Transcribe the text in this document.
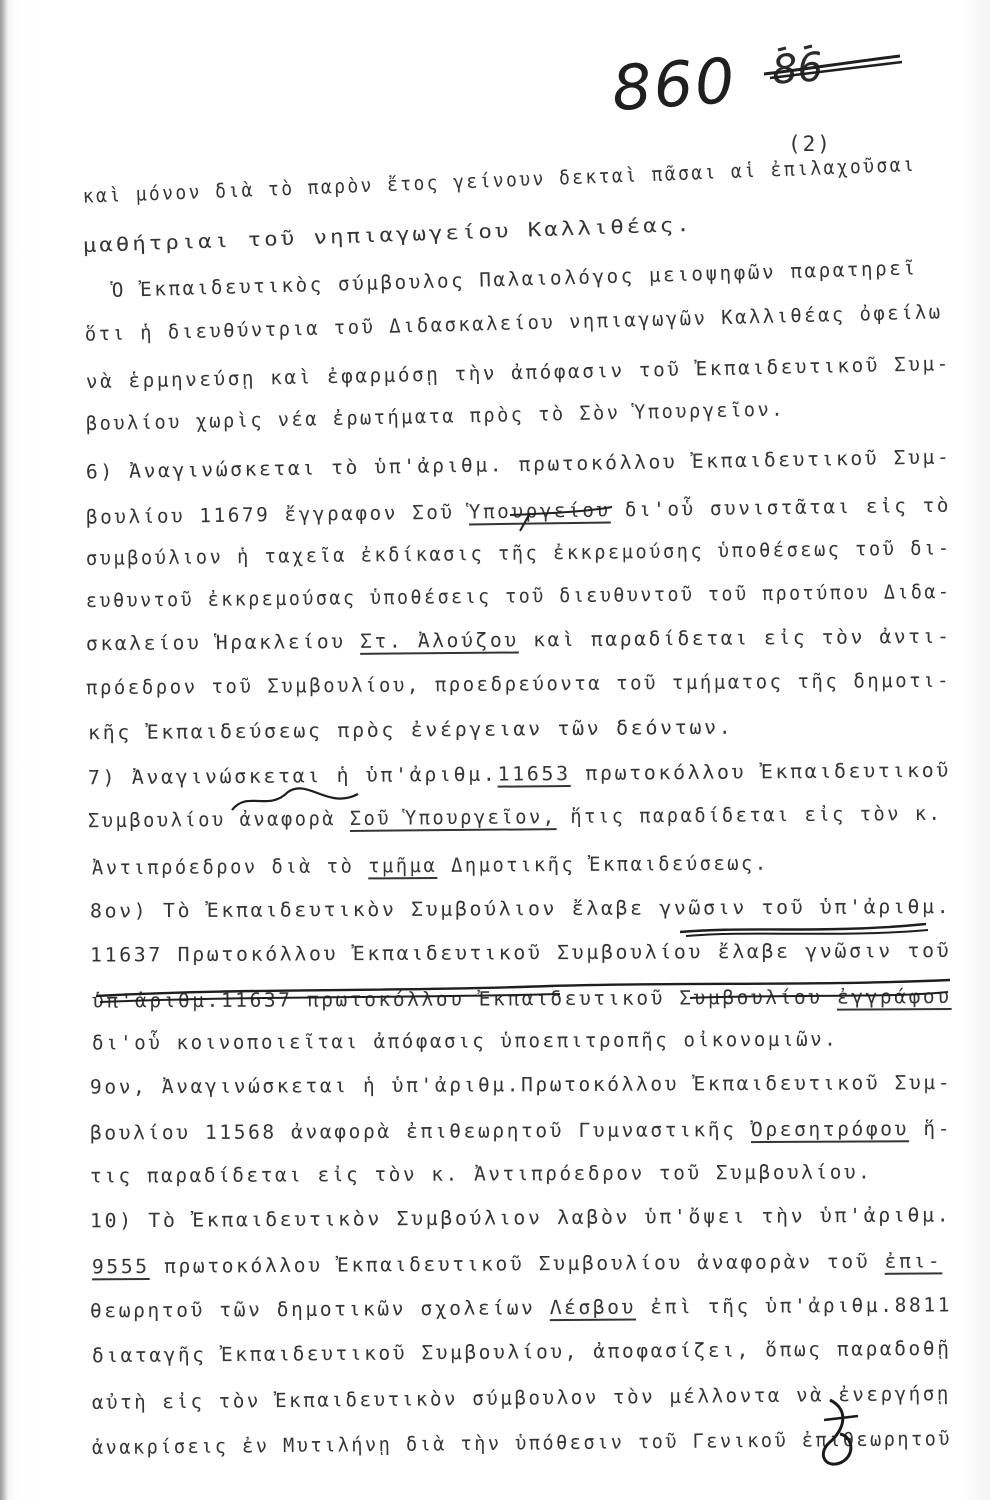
860 86
(2)
καὶ μόνον διὰ τὸ παρὸν ἔτος γείνουν δεκταὶ πᾶσαι αἱ ἐπιλαχοῦσαι
μαθήτριαι τοῦ νηπιαγωγείου Καλλιθέας.
Ὁ Ἐκπαιδευτικὸς σύμβουλος Παλαιολόγος μειοψηφῶν παρατηρεῖ
ὅτι ἡ διευθύντρια τοῦ Διδασκαλείου νηπιαγωγῶν Καλλιθέας ὀφείλω
νὰ ἑρμηνεύσῃ καὶ ἐφαρμόσῃ τὴν ἀπόφασιν τοῦ Ἐκπαιδευτικοῦ Συμ-
βουλίου χωρὶς νέα ἐρωτήματα πρὸς τὸ Σὸν Ὑπουργεῖον.
6) Ἀναγινώσκεται τὸ ὑπ'ἀριθμ. πρωτοκόλλου Ἐκπαιδευτικοῦ Συμ-
βουλίου 11679 ἔγγραφον Σοῦ Ὑπουργείου δι'οὗ συνιστᾶται εἰς τὸ
συμβούλιον ἡ ταχεῖα ἐκδίκασις τῆς ἐκκρεμούσης ὑποθέσεως τοῦ δι-
ευθυντοῦ ἐκκρεμούσας ὑποθέσεις τοῦ διευθυντοῦ τοῦ προτύπου Διδα-
σκαλείου Ἡρακλείου Στ. Ἀλούζου καὶ παραδίδεται εἰς τὸν ἀντι-
πρόεδρον τοῦ Συμβουλίου, προεδρεύοντα τοῦ τμήματος τῆς δημοτι-
κῆς Ἐκπαιδεύσεως πρὸς ἐνέργειαν τῶν δεόντων.
7) Ἀναγινώσκεται ἡ ὑπ'ἀριθμ.11653 πρωτοκόλλου Ἐκπαιδευτικοῦ
Συμβουλίου ἀναφορὰ Σοῦ Ὑπουργεῖον, ἥτις παραδίδεται εἰς τὸν κ.
Ἀντιπρόεδρον διὰ τὸ τμῆμα Δημοτικῆς Ἐκπαιδεύσεως.
8ον) Τὸ Ἐκπαιδευτικὸν Συμβούλιον ἔλαβε γνῶσιν τοῦ ὑπ'ἀριθμ.
11637 Πρωτοκόλλου Ἐκπαιδευτικοῦ Συμβουλίου ἔλαβε γνῶσιν τοῦ
ὑπ'ἀριθμ.11637 πρωτοκόλλου Ἐκπαιδευτικοῦ Συμβουλίου ἐγγράφου
δι'οὗ κοινοποιεῖται ἀπόφασις ὑποεπιτροπῆς οἰκονομιῶν.
9ον, Ἀναγινώσκεται ἡ ὑπ'ἀριθμ.Πρωτοκόλλου Ἐκπαιδευτικοῦ Συμ-
βουλίου 11568 ἀναφορὰ ἐπιθεωρητοῦ Γυμναστικῆς Ὀρεσητρόφου ἥ-
τις παραδίδεται εἰς τὸν κ. Ἀντιπρόεδρον τοῦ Συμβουλίου.
10) Τὸ Ἐκπαιδευτικὸν Συμβούλιον λαβὸν ὑπ'ὄψει τὴν ὑπ'ἀριθμ.
9555 πρωτοκόλλου Ἐκπαιδευτικοῦ Συμβουλίου ἀναφορὰν τοῦ ἐπι-
θεωρητοῦ τῶν δημοτικῶν σχολείων Λέσβου ἐπὶ τῆς ὑπ'ἀριθμ.8811
διαταγῆς Ἐκπαιδευτικοῦ Συμβουλίου, ἀποφασίζει, ὅπως παραδοθῇ
αὐτὴ εἰς τὸν Ἐκπαιδευτικὸν σύμβουλον τὸν μέλλοντα νὰ ἐνεργήσῃ
ἀνακρίσεις ἐν Μυτιλήνῃ διὰ τὴν ὑπόθεσιν τοῦ Γενικοῦ ἐπιθεωρητοῦ
